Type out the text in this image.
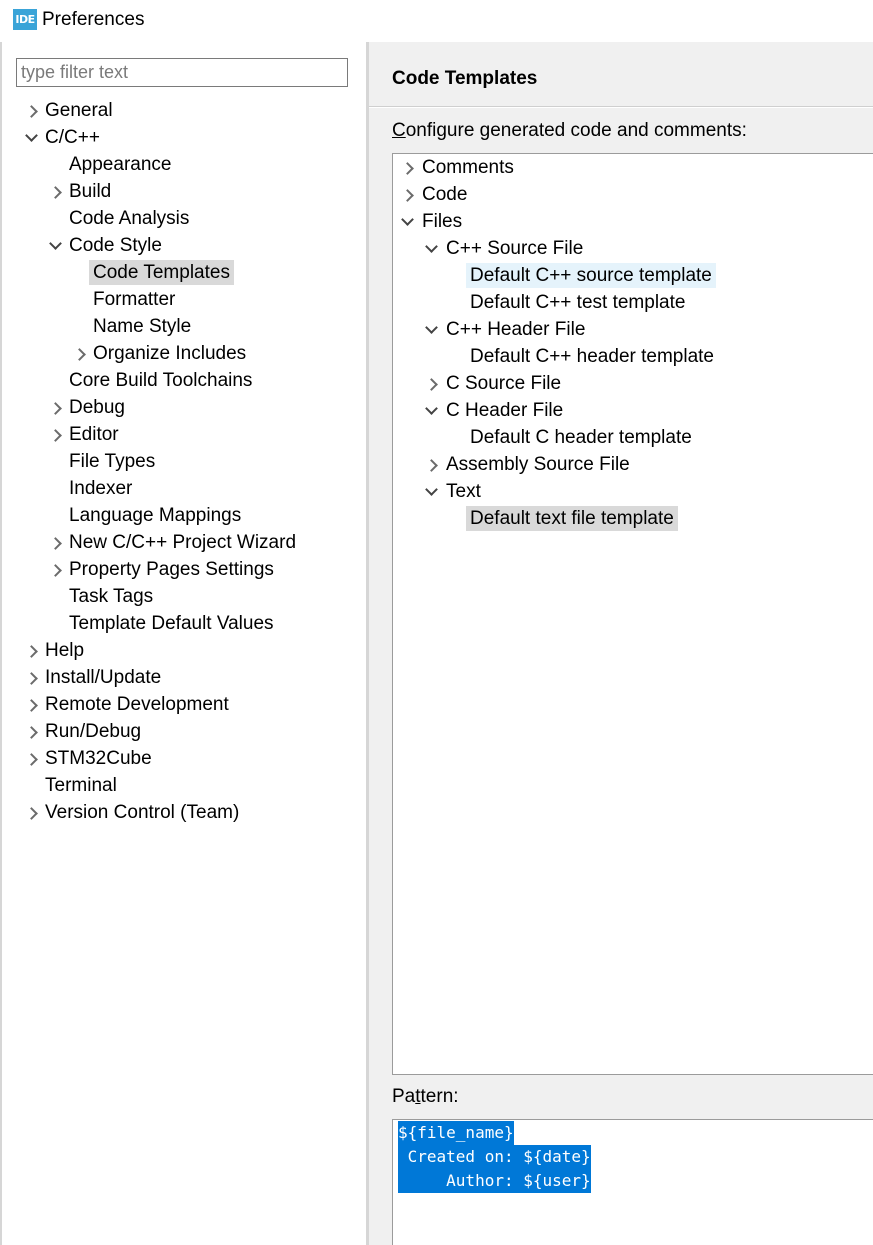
IDE Preferences
type filter text
General
C/C++
Appearance
Build
Code Analysis
Code Style
Code Templates
Formatter
Name Style
Organize Includes
Core Build Toolchains
Debug
Editor
File Types
Indexer
Language Mappings
New C/C++ Project Wizard
Property Pages Settings
Task Tags
Template Default Values
Help
Install/Update
Remote Development
Run/Debug
STM32Cube
Terminal
Version Control (Team)
Code Templates
Configure generated code and comments:
Comments
Code
Files
C++ Source File
Default C++ source template
Default C++ test template
C++ Header File
Default C++ header template
C Source File
C Header File
Default C header template
Assembly Source File
Text
Default text file template
Pattern:
${file_name}
Created on: ${date}
Author: ${user}
